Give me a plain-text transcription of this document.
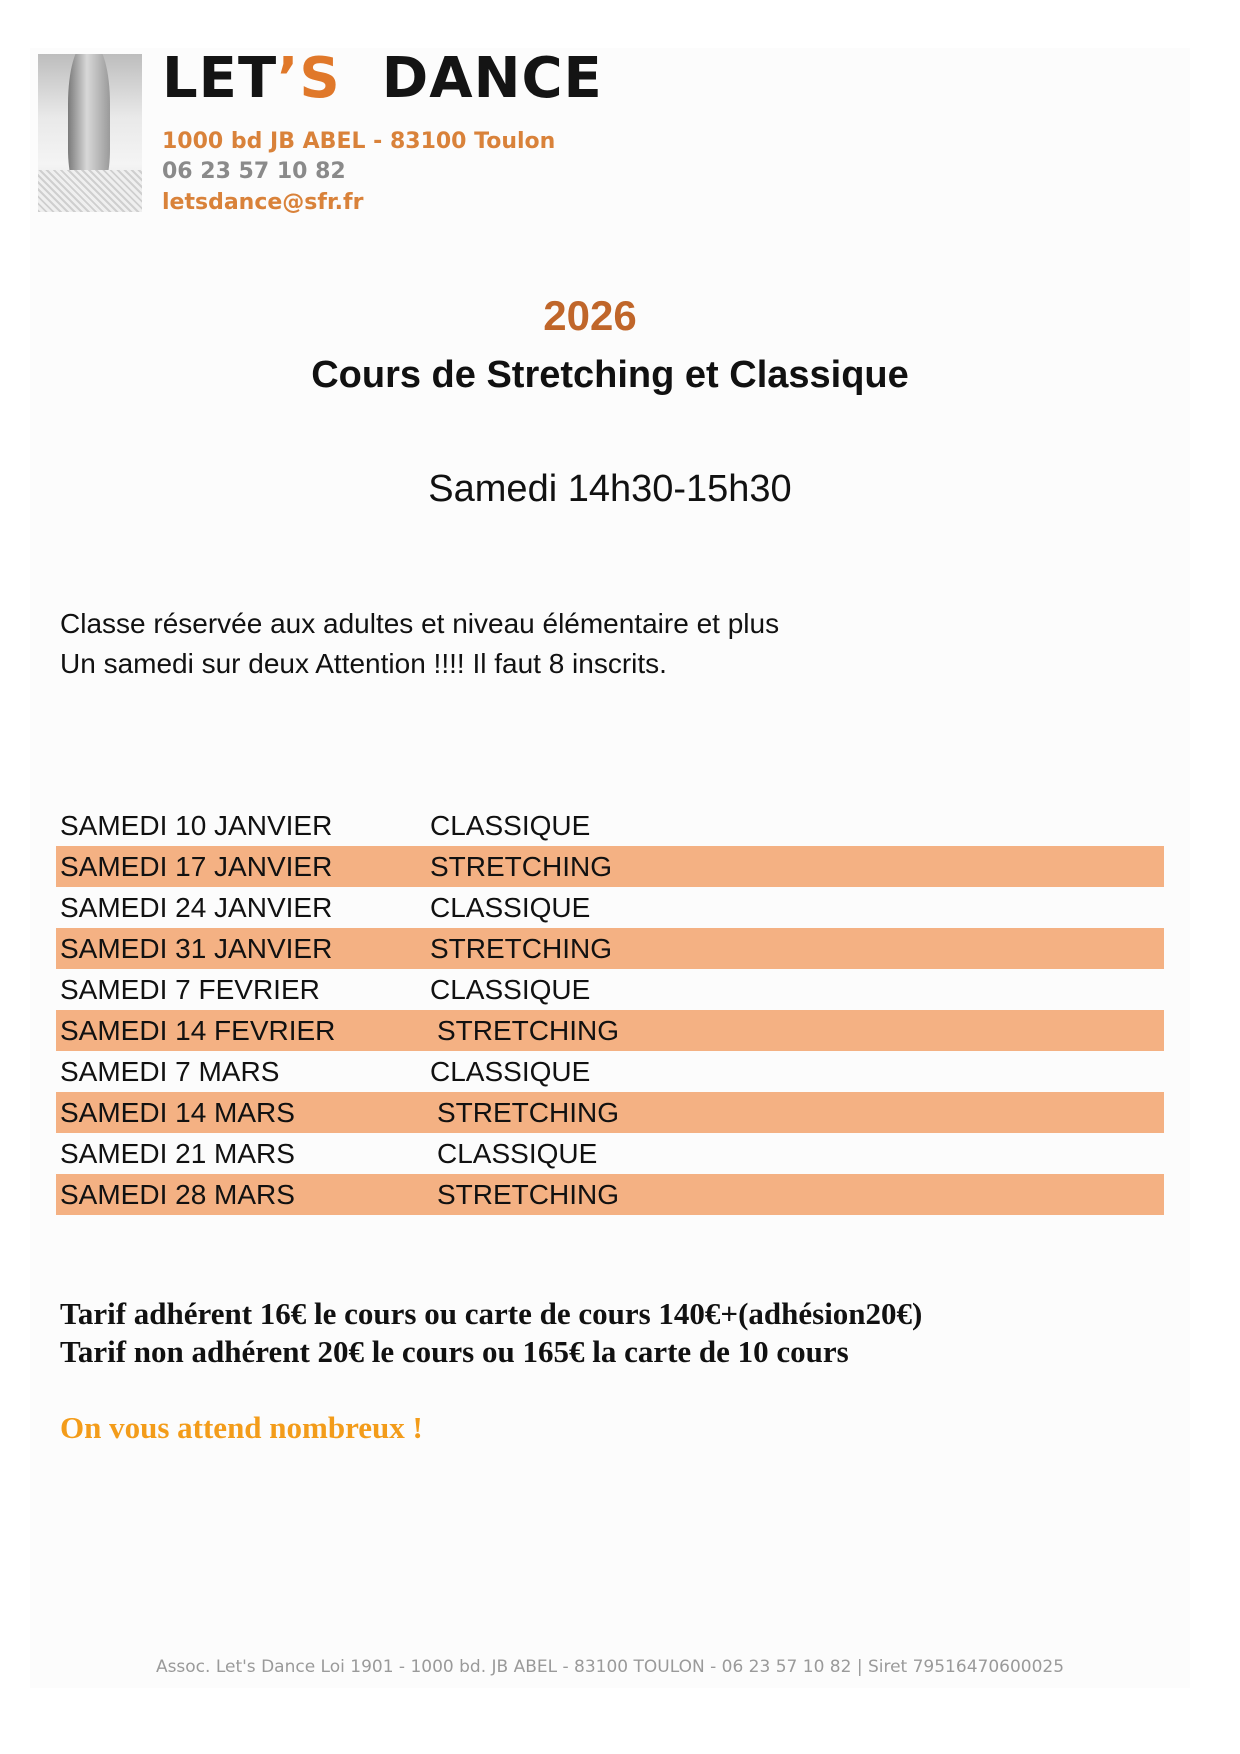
LET’S DANCE
1000 bd JB ABEL - 83100 Toulon
06 23 57 10 82
letsdance@sfr.fr
2026
Cours de Stretching et Classique
Samedi 14h30-15h30
Classe réservée aux adultes et niveau élémentaire et plus
Un samedi sur deux Attention !!!! Il faut 8 inscrits.
SAMEDI 10 JANVIER	CLASSIQUE
SAMEDI 17 JANVIER	STRETCHING
SAMEDI 24 JANVIER	CLASSIQUE
SAMEDI 31 JANVIER	STRETCHING
SAMEDI 7 FEVRIER	CLASSIQUE
SAMEDI 14 FEVRIER	STRETCHING
SAMEDI 7 MARS	CLASSIQUE
SAMEDI 14 MARS	STRETCHING
SAMEDI 21 MARS	CLASSIQUE
SAMEDI 28 MARS	STRETCHING
Tarif adhérent 16€ le cours ou carte de cours 140€+(adhésion20€)
Tarif non adhérent 20€ le cours ou 165€ la carte de 10 cours
On vous attend nombreux !
Assoc. Let's Dance Loi 1901 - 1000 bd. JB ABEL - 83100 TOULON - 06 23 57 10 82 | Siret 79516470600025
